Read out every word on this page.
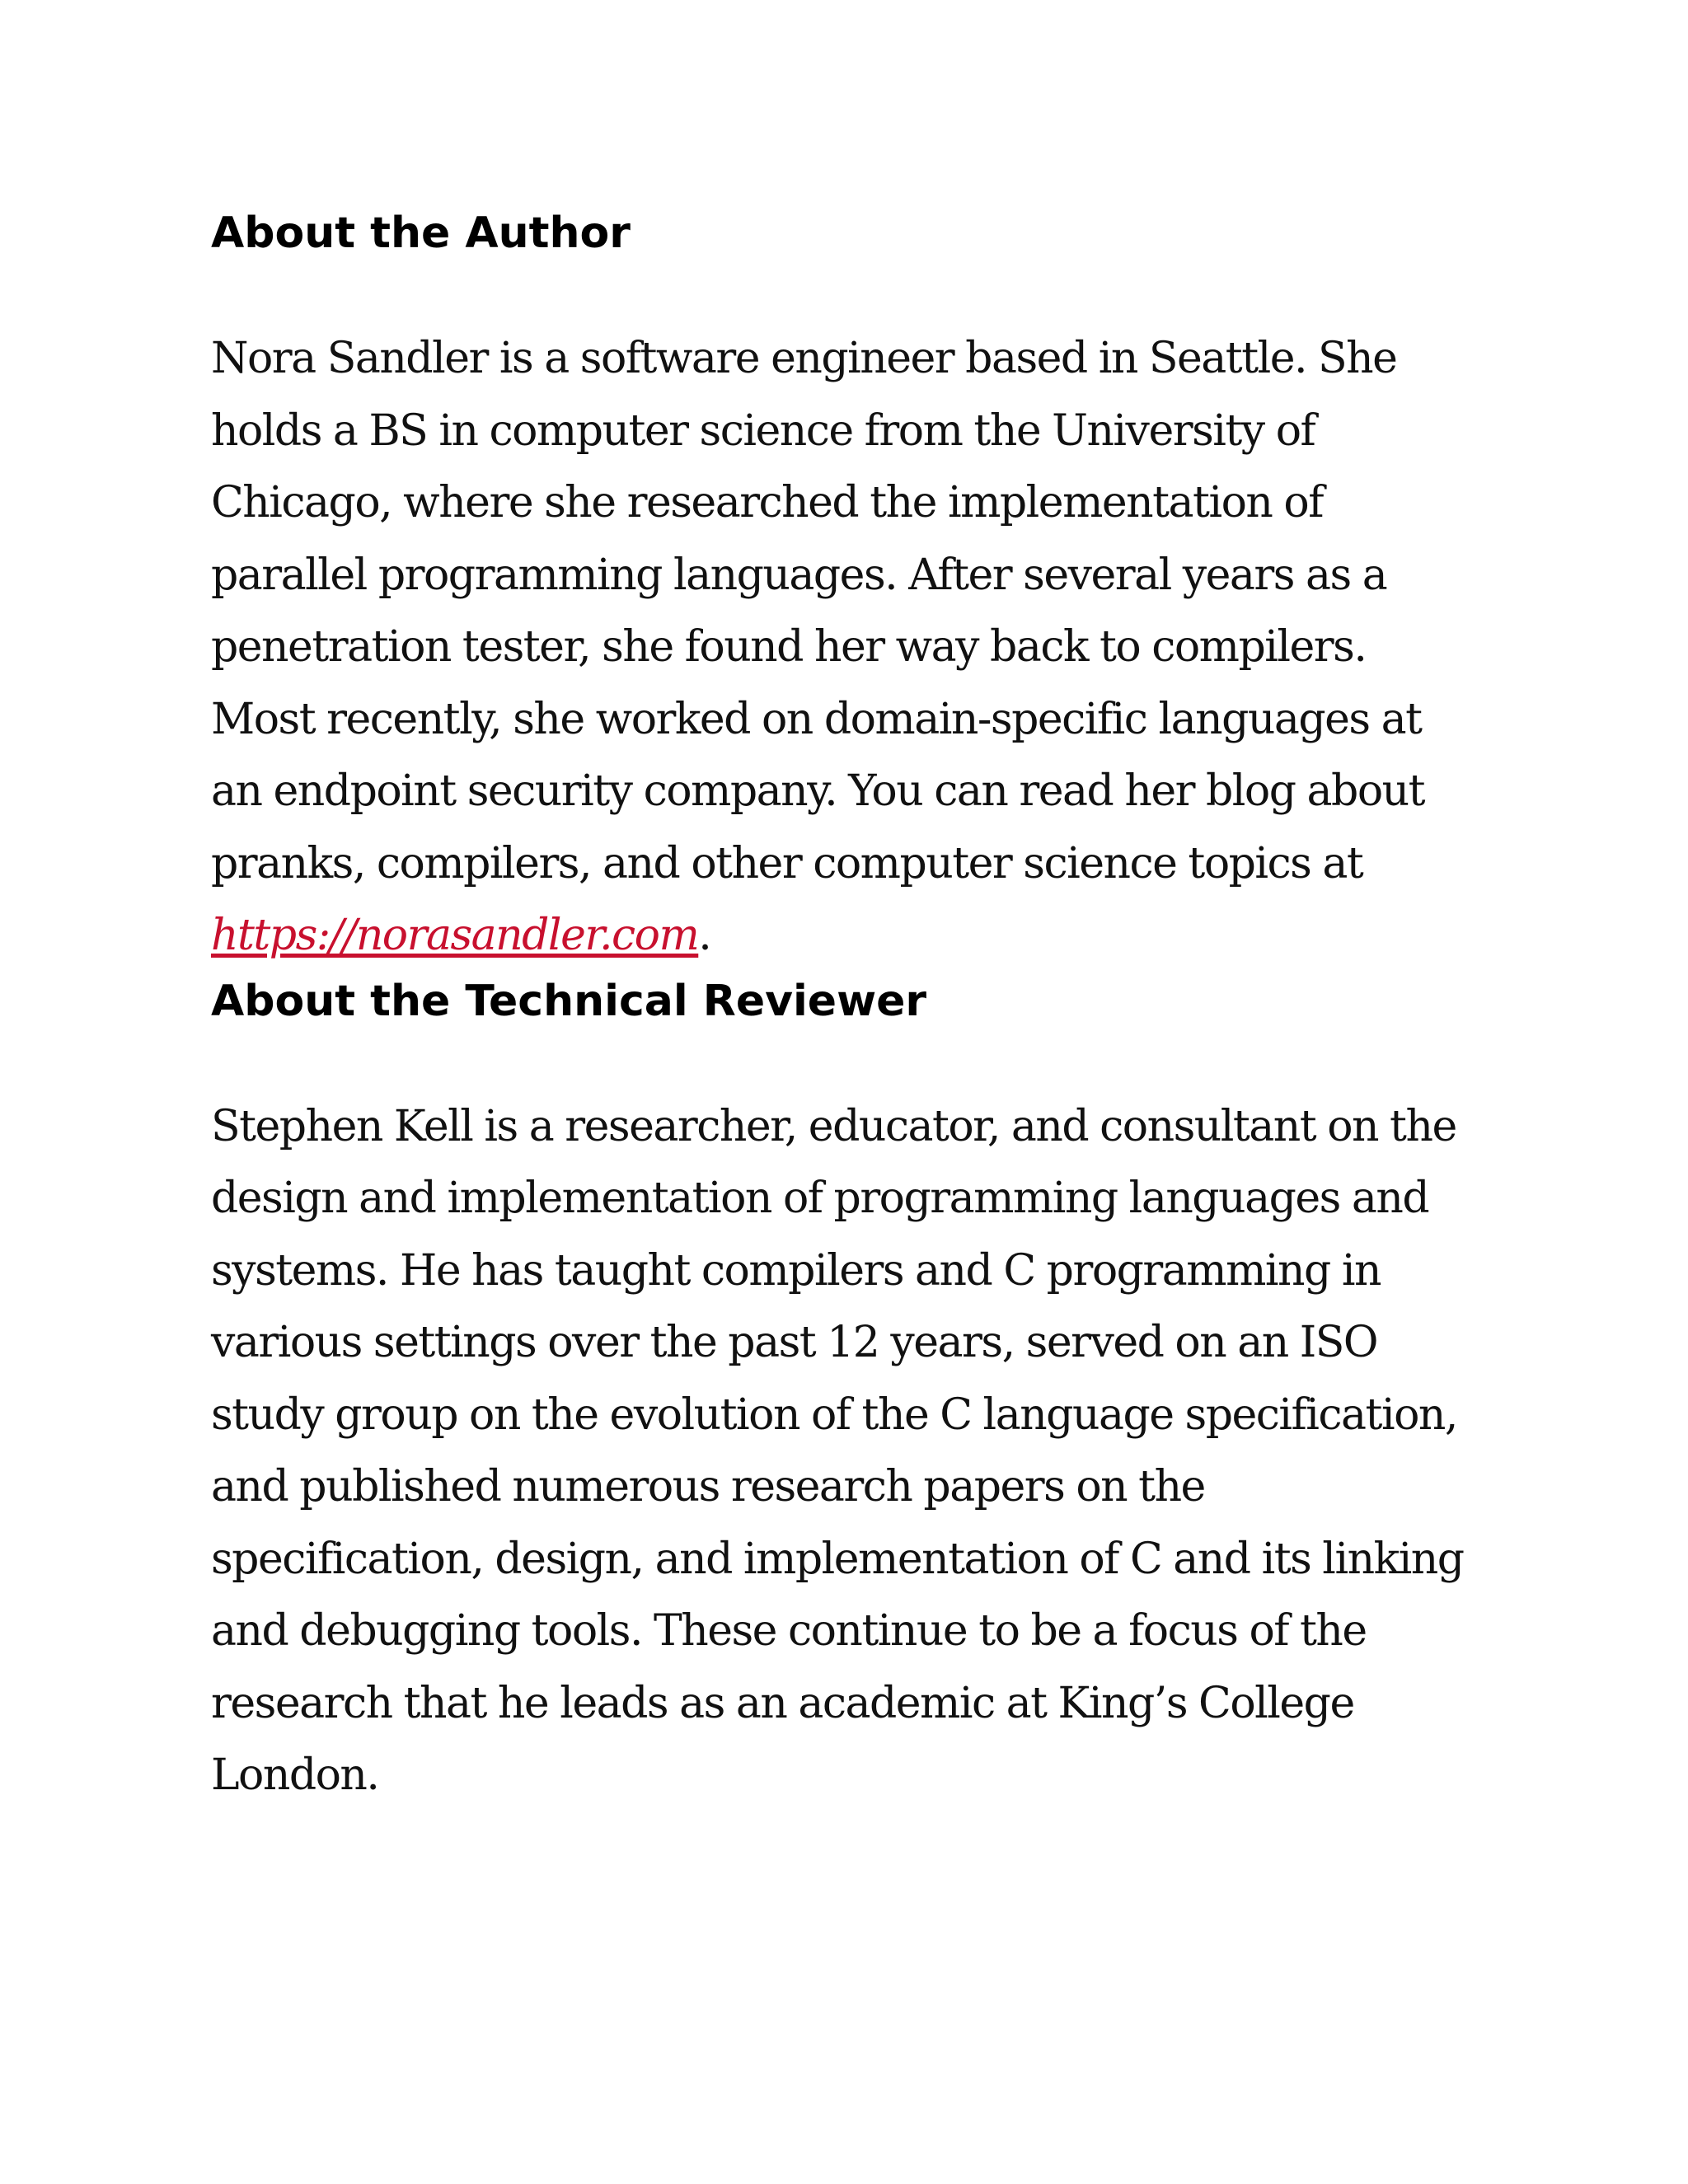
About the Author

Nora Sandler is a software engineer based in Seattle. She holds a BS in computer science from the University of Chicago, where she researched the implementation of parallel programming languages. After several years as a penetration tester, she found her way back to compilers. Most recently, she worked on domain-specific languages at an endpoint security company. You can read her blog about pranks, compilers, and other computer science topics at https://norasandler.com.

About the Technical Reviewer

Stephen Kell is a researcher, educator, and consultant on the design and implementation of programming languages and systems. He has taught compilers and C programming in various settings over the past 12 years, served on an ISO study group on the evolution of the C language specification, and published numerous research papers on the specification, design, and implementation of C and its linking and debugging tools. These continue to be a focus of the research that he leads as an academic at King’s College London.
